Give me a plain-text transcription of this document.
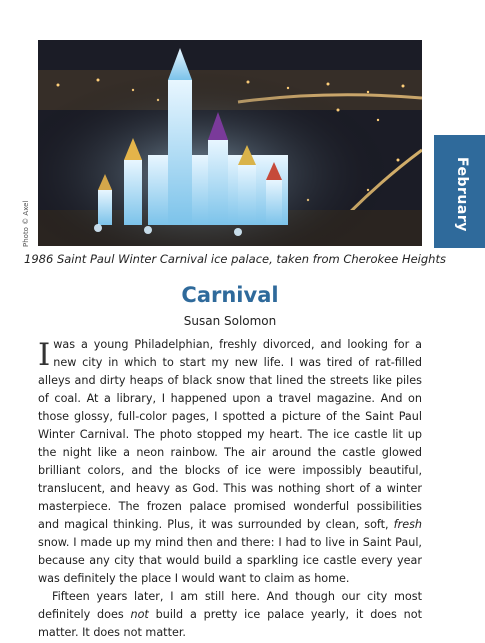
Photo © Axel
1986 Saint Paul Winter Carnival ice palace, taken from Cherokee Heights
February
Carnival
Susan Solomon

Iwas a young Philadelphian, freshly divorced, and looking for a new city in which to start my new life. I was tired of rat-filled alleys and dirty heaps of black snow that lined the streets like piles of coal. At a library, I happened upon a travel magazine. And on those glossy, full-color pages, I spotted a picture of the Saint Paul Winter Carnival. The photo stopped my heart. The ice castle lit up the night like a neon rainbow. The air around the castle glowed brilliant colors, and the blocks of ice were impossibly beautiful, translucent, and heavy as God. This was nothing short of a winter masterpiece. The frozen palace promised wonderful possibilities and magical thinking. Plus, it was surrounded by clean, soft, fresh snow. I made up my mind then and there: I had to live in Saint Paul, because any city that would build a sparkling ice castle every year was definitely the place I would want to claim as home.

Fifteen years later, I am still here. And though our city most definitely does not build a pretty ice palace yearly, it does not matter. It does not matter.
